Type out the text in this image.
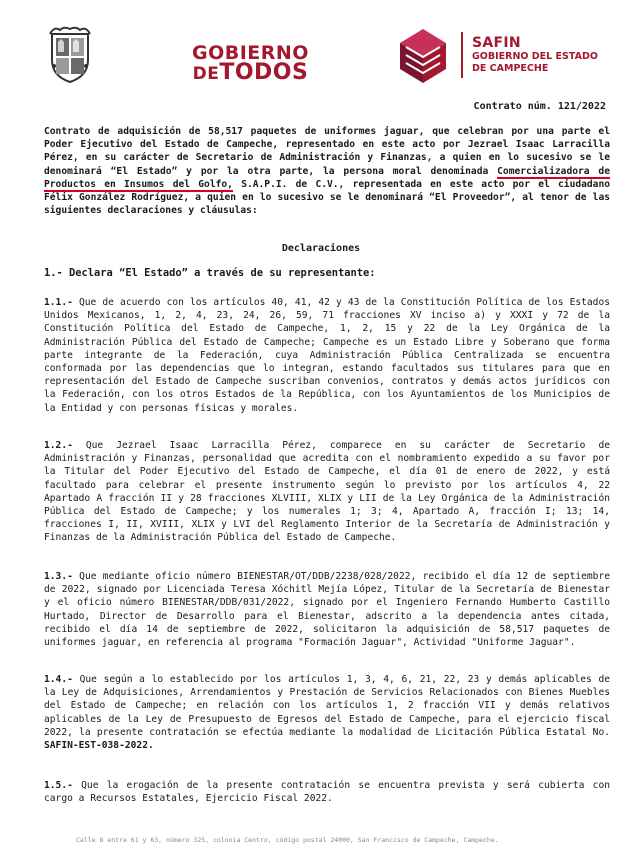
GOBIERNO
DETODOS
SAFIN
GOBIERNO DEL ESTADO
DE CAMPECHE
Contrato núm. 121/2022
Contrato de adquisición de 58,517 paquetes de uniformes jaguar, que celebran por una parte el Poder Ejecutivo del Estado de Campeche, representado en este acto por Jezrael Isaac Larracilla Pérez, en su carácter de Secretario de Administración y Finanzas, a quien en lo sucesivo se le denominará “El Estado” y por la otra parte, la persona moral denominada Comercializadora de Productos en Insumos del Golfo, S.A.P.I. de C.V., representada en este acto por el ciudadano Félix González Rodríguez, a quien en lo sucesivo se le denominará “El Proveedor”, al tenor de las siguientes declaraciones y cláusulas:
Declaraciones
1.- Declara “El Estado” a través de su representante:
1.1.- Que de acuerdo con los artículos 40, 41, 42 y 43 de la Constitución Política de los Estados Unidos Mexicanos, 1, 2, 4, 23, 24, 26, 59, 71 fracciones XV inciso a) y XXXI y 72 de la Constitución Política del Estado de Campeche, 1, 2, 15 y 22 de la Ley Orgánica de la Administración Pública del Estado de Campeche; Campeche es un Estado Libre y Soberano que forma parte integrante de la Federación, cuya Administración Pública Centralizada se encuentra conformada por las dependencias que lo integran, estando facultados sus titulares para que en representación del Estado de Campeche suscriban convenios, contratos y demás actos jurídicos con la Federación, con los otros Estados de la República, con los Ayuntamientos de los Municipios de la Entidad y con personas físicas y morales.
1.2.- Que Jezrael Isaac Larracilla Pérez, comparece en su carácter de Secretario de Administración y Finanzas, personalidad que acredita con el nombramiento expedido a su favor por la Titular del Poder Ejecutivo del Estado de Campeche, el día 01 de enero de 2022, y está facultado para celebrar el presente instrumento según lo previsto por los artículos 4, 22 Apartado A fracción II y 28 fracciones XLVIII, XLIX y LII de la Ley Orgánica de la Administración Pública del Estado de Campeche; y los numerales 1; 3; 4, Apartado A, fracción I; 13; 14, fracciones I, II, XVIII, XLIX y LVI del Reglamento Interior de la Secretaría de Administración y Finanzas de la Administración Pública del Estado de Campeche.
1.3.- Que mediante oficio número BIENESTAR/OT/DDB/2238/028/2022, recibido el día 12 de septiembre de 2022, signado por Licenciada Teresa Xóchitl Mejía López, Titular de la Secretaría de Bienestar y el oficio número BIENESTAR/DDB/031/2022, signado por el Ingeniero Fernando Humberto Castillo Hurtado, Director de Desarrollo para el Bienestar, adscrito a la dependencia antes citada, recibido el día 14 de septiembre de 2022, solicitaron la adquisición de 58,517 paquetes de uniformes jaguar, en referencia al programa "Formación Jaguar", Actividad "Uniforme Jaguar".
1.4.- Que según a lo establecido por los artículos 1, 3, 4, 6, 21, 22, 23 y demás aplicables de la Ley de Adquisiciones, Arrendamientos y Prestación de Servicios Relacionados con Bienes Muebles del Estado de Campeche; en relación con los artículos 1, 2 fracción VII y demás relativos aplicables de la Ley de Presupuesto de Egresos del Estado de Campeche, para el ejercicio fiscal 2022, la presente contratación se efectúa mediante la modalidad de Licitación Pública Estatal No. SAFIN-EST-038-2022.
1.5.- Que la erogación de la presente contratación se encuentra prevista y será cubierta con cargo a Recursos Estatales, Ejercicio Fiscal 2022.
Calle 8 entre 61 y 63, número 325, colonia Centro, código postal 24000, San Francisco de Campeche, Campeche.
